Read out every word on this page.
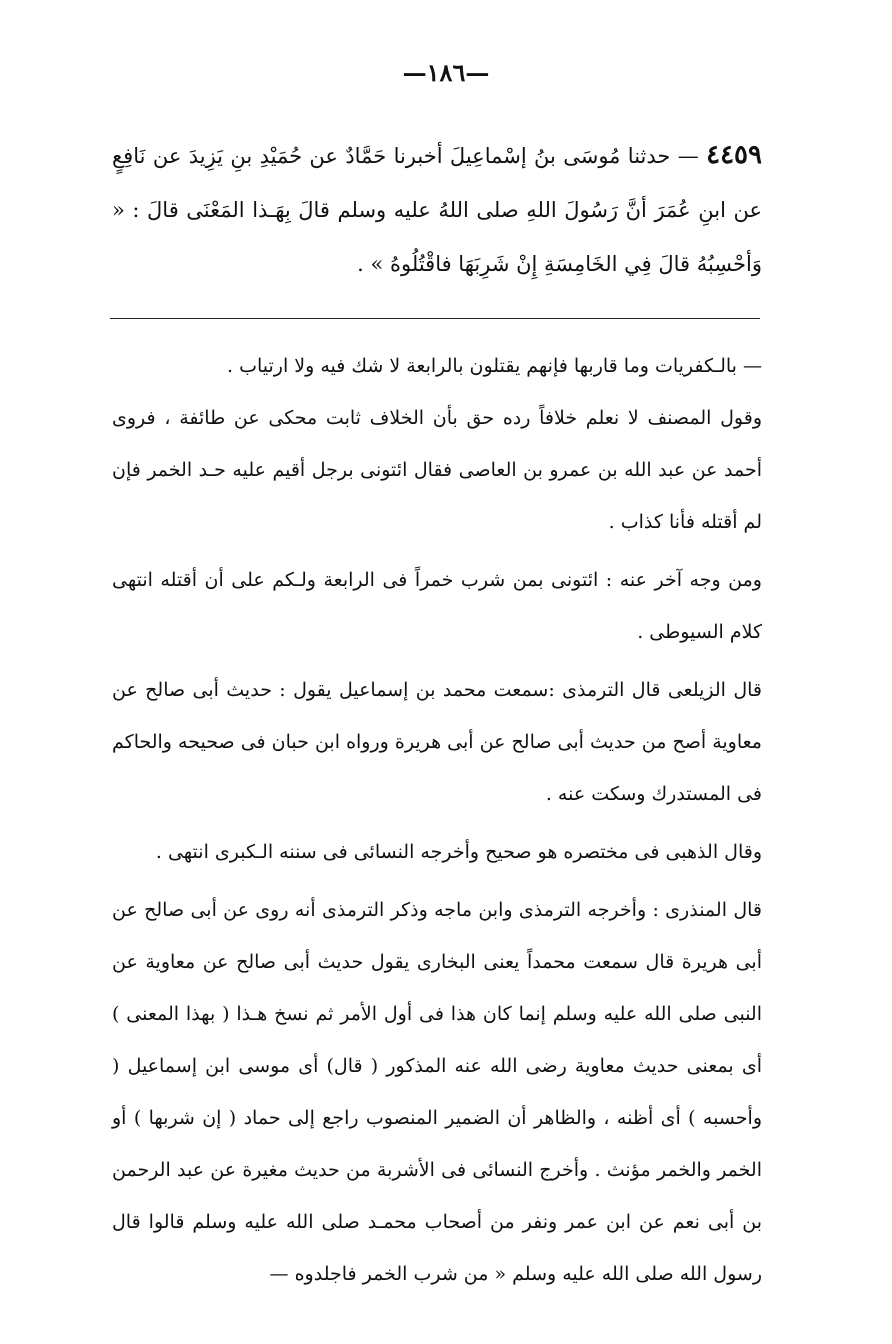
—١٨٦—
٤٤٥٩ — حدثنا مُوسَى بنُ إسْماعِيلَ أخبرنا حَمَّادٌ عن حُمَيْدِ بنِ يَزِيدَ عن نَافِعٍ عن ابنِ عُمَرَ أنَّ رَسُولَ اللهِ صلى اللهُ عليه وسلم قالَ بِهَـذا المَعْنَى قالَ : « وَأحْسِبُهُ قالَ فِي الخَامِسَةِ إِنْ شَرِبَهَا فاقْتُلُوهُ » .

— بالـكفريات وما قاربها فإنهم يقتلون بالرابعة لا شك فيه ولا ارتياب .

وقول المصنف لا نعلم خلافاً رده حق بأن الخلاف ثابت محكى عن طائفة ، فروى أحمد عن عبد الله بن عمرو بن العاصى فقال ائتونى برجل أقيم عليه حـد الخمر فإن لم أقتله فأنا كذاب .

ومن وجه آخر عنه : ائتونى بمن شرب خمراً فى الرابعة ولـكم على أن أقتله انتهى كلام السيوطى .

قال الزيلعى قال الترمذى :سمعت محمد بن إسماعيل يقول : حديث أبى صالح عن معاوية أصح من حديث أبى صالح عن أبى هريرة ورواه ابن حبان فى صحيحه والحاكم فى المستدرك وسكت عنه .

وقال الذهبى فى مختصره هو صحيح وأخرجه النسائى فى سننه الـكبرى انتهى .

قال المنذرى : وأخرجه الترمذى وابن ماجه وذكر الترمذى أنه روى عن أبى صالح عن أبى هريرة قال سمعت محمداً يعنى البخارى يقول حديث أبى صالح عن معاوية عن النبى صلى الله عليه وسلم إنما كان هذا فى أول الأمر ثم نسخ هـذا ( بهذا المعنى ) أى بمعنى حديث معاوية رضى الله عنه المذكور ( قال) أى موسى ابن إسماعيل ( وأحسبه ) أى أظنه ، والظاهر أن الضمير المنصوب راجع إلى حماد ( إن شربها ) أو الخمر والخمر مؤنث . وأخرج النسائى فى الأشربة من حديث مغيرة عن عبد الرحمن بن أبى نعم عن ابن عمر ونفر من أصحاب محمـد صلى الله عليه وسلم قالوا قال رسول الله صلى الله عليه وسلم « من شرب الخمر فاجلدوه —
